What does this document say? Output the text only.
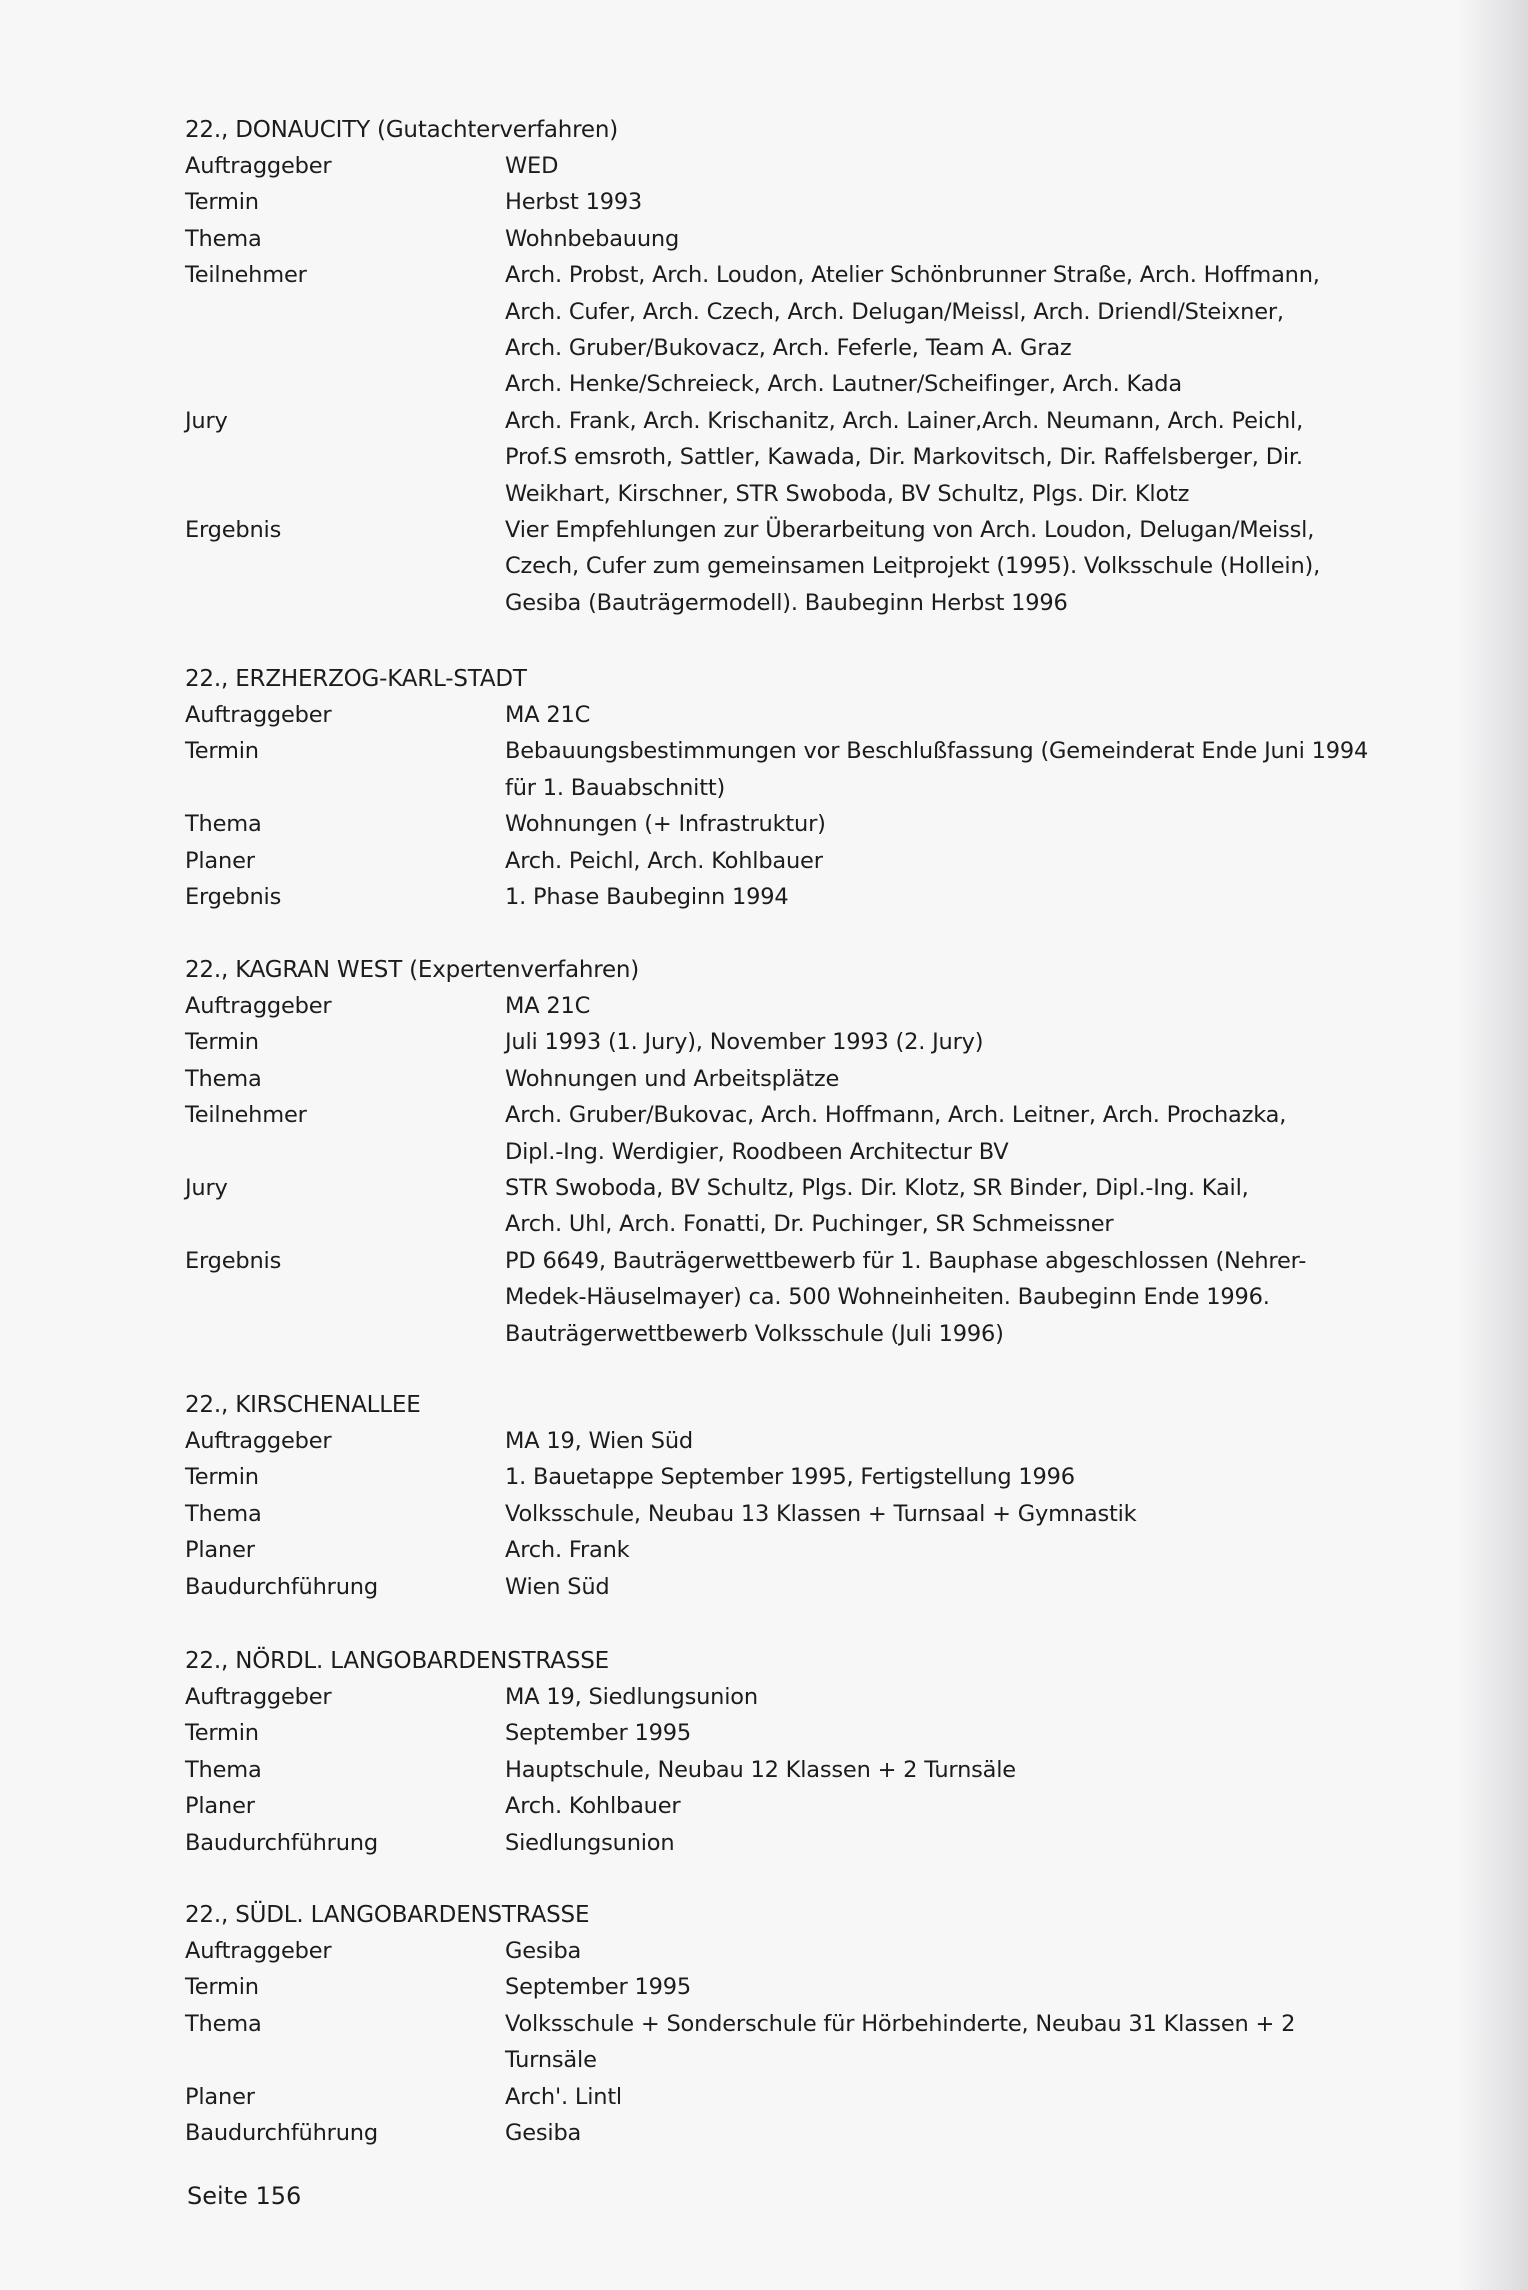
22., DONAUCITY (Gutachterverfahren)
Auftraggeber	WED
Termin	Herbst 1993
Thema	Wohnbebauung
Teilnehmer	Arch. Probst, Arch. Loudon, Atelier Schönbrunner Straße, Arch. Hoffmann,
Arch. Cufer, Arch. Czech, Arch. Delugan/Meissl, Arch. Driendl/Steixner,
Arch. Gruber/Bukovacz, Arch. Feferle, Team A. Graz
Arch. Henke/Schreieck, Arch. Lautner/Scheifinger, Arch. Kada
Jury	Arch. Frank, Arch. Krischanitz, Arch. Lainer,Arch. Neumann, Arch. Peichl,
Prof.S emsroth, Sattler, Kawada, Dir. Markovitsch, Dir. Raffelsberger, Dir.
Weikhart, Kirschner, STR Swoboda, BV Schultz, Plgs. Dir. Klotz
Ergebnis	Vier Empfehlungen zur Überarbeitung von Arch. Loudon, Delugan/Meissl,
Czech, Cufer zum gemeinsamen Leitprojekt (1995). Volksschule (Hollein),
Gesiba (Bauträgermodell). Baubeginn Herbst 1996
22., ERZHERZOG-KARL-STADT
Auftraggeber	MA 21C
Termin	Bebauungsbestimmungen vor Beschlußfassung (Gemeinderat Ende Juni 1994
für 1. Bauabschnitt)
Thema	Wohnungen (+ Infrastruktur)
Planer	Arch. Peichl, Arch. Kohlbauer
Ergebnis	1. Phase Baubeginn 1994
22., KAGRAN WEST (Expertenverfahren)
Auftraggeber	MA 21C
Termin	Juli 1993 (1. Jury), November 1993 (2. Jury)
Thema	Wohnungen und Arbeitsplätze
Teilnehmer	Arch. Gruber/Bukovac, Arch. Hoffmann, Arch. Leitner, Arch. Prochazka,
Dipl.-Ing. Werdigier, Roodbeen Architectur BV
Jury	STR Swoboda, BV Schultz, Plgs. Dir. Klotz, SR Binder, Dipl.-Ing. Kail,
Arch. Uhl, Arch. Fonatti, Dr. Puchinger, SR Schmeissner
Ergebnis	PD 6649, Bauträgerwettbewerb für 1. Bauphase abgeschlossen (Nehrer-
Medek-Häuselmayer) ca. 500 Wohneinheiten. Baubeginn Ende 1996.
Bauträgerwettbewerb Volksschule (Juli 1996)
22., KIRSCHENALLEE
Auftraggeber	MA 19, Wien Süd
Termin	1. Bauetappe September 1995, Fertigstellung 1996
Thema	Volksschule, Neubau 13 Klassen + Turnsaal + Gymnastik
Planer	Arch. Frank
Baudurchführung	Wien Süd
22., NÖRDL. LANGOBARDENSTRASSE
Auftraggeber	MA 19, Siedlungsunion
Termin	September 1995
Thema	Hauptschule, Neubau 12 Klassen + 2 Turnsäle
Planer	Arch. Kohlbauer
Baudurchführung	Siedlungsunion
22., SÜDL. LANGOBARDENSTRASSE
Auftraggeber	Gesiba
Termin	September 1995
Thema	Volksschule + Sonderschule für Hörbehinderte, Neubau 31 Klassen + 2
Turnsäle
Planer	Arch'. Lintl
Baudurchführung	Gesiba
Seite 156
